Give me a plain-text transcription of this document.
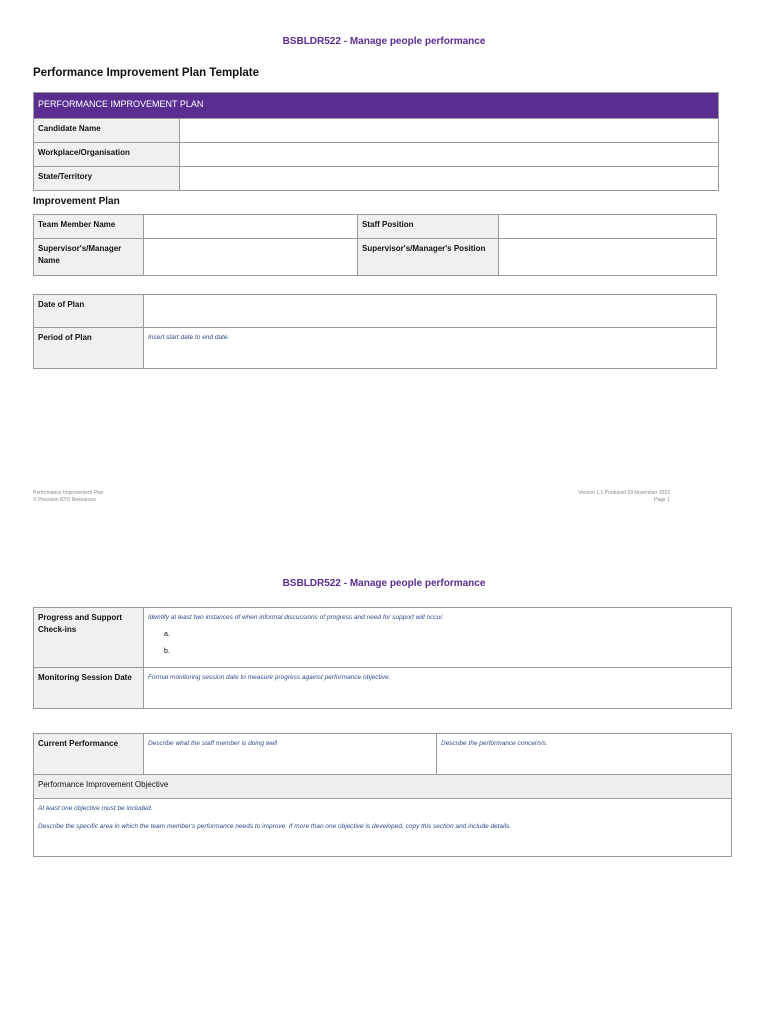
BSBLDR522 - Manage people performance
Performance Improvement Plan Template
PERFORMANCE IMPROVEMENT PLAN	
Candidate Name	
Workplace/Organisation	
State/Territory	
Improvement Plan
Team Member Name		Staff Position	
Supervisor's/Manager Name		Supervisor's/Manager's Position	
Date of Plan	
Period of Plan	Insert start date to end date.
Performance Improvement Plan
© Precision RTO Resources
Version 1.1 Produced 09 November 2022
Page 1
BSBLDR522 - Manage people performance
Progress and Support Check-ins	Identify at least two instances of when informal discussions of progress and need for support will occur.
a.
b.

Monitoring Session Date	Formal monitoring session date to measure progress against performance objective.
Current Performance	Describe what the staff member is doing well	Describe the performance concern/s.
Performance Improvement Objective

At least one objective must be included.
Describe the specific area in which the team member's performance needs to improve. If more than one objective is developed, copy this section and include details.
